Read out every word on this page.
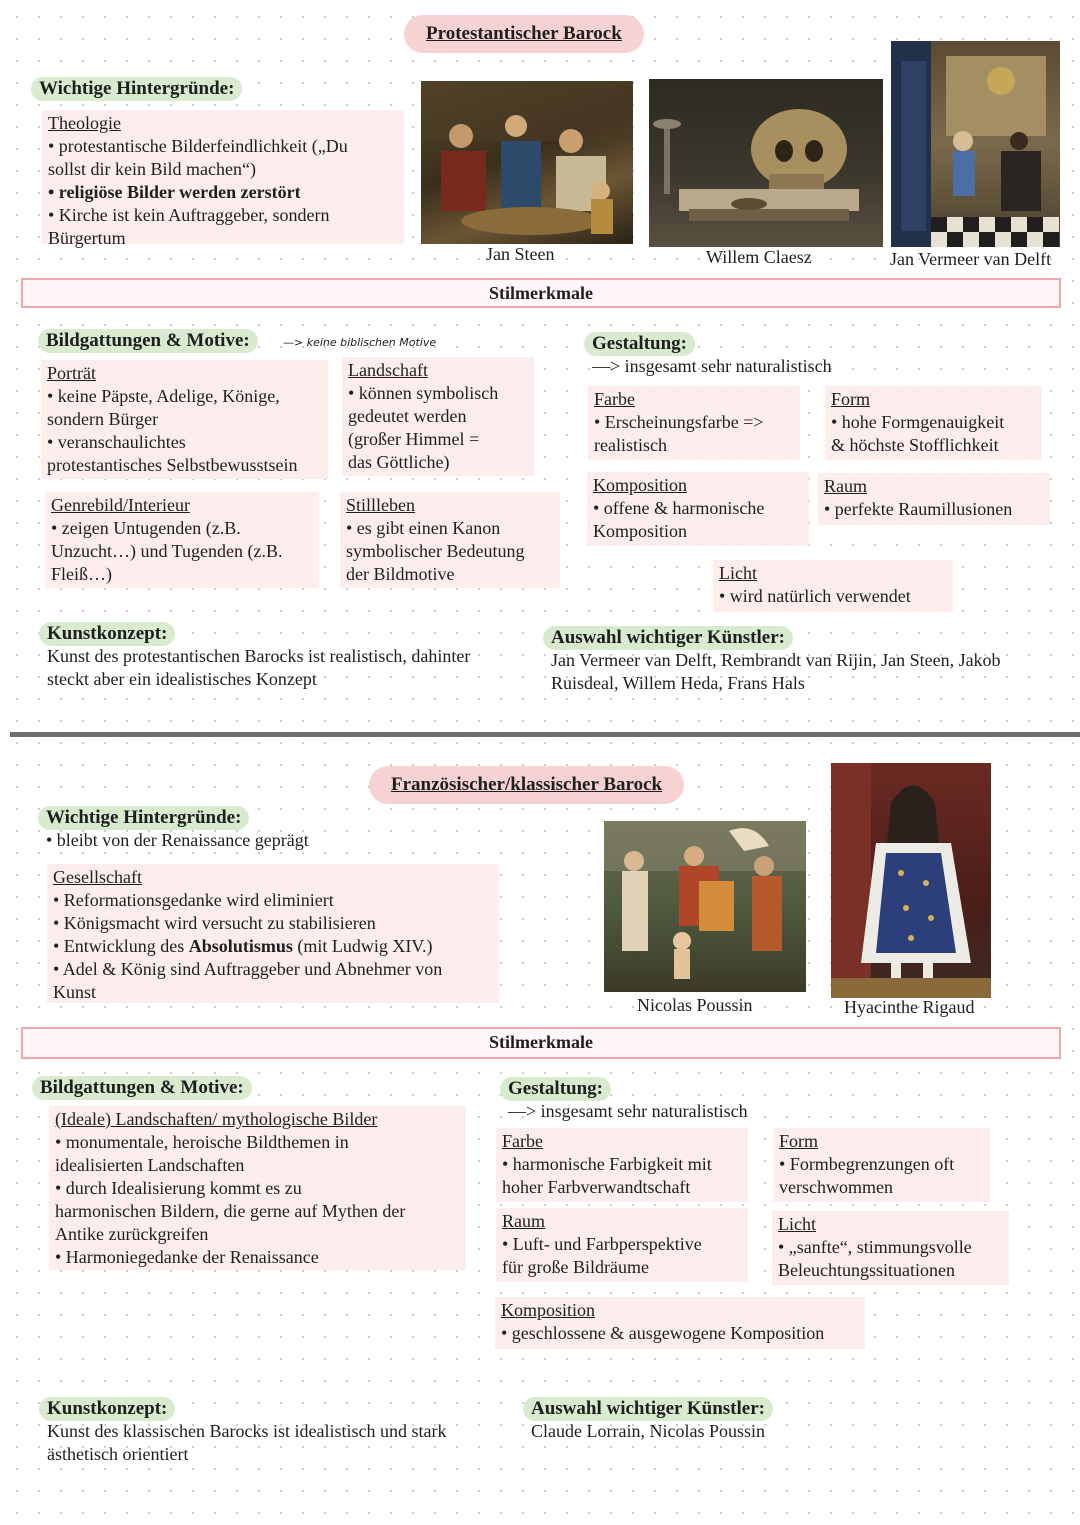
Protestantischer Barock
Wichtige Hintergründe:
Theologie
• protestantische Bilderfeindlichkeit („Du
sollst dir kein Bild machen“)
• religiöse Bilder werden zerstört
• Kirche ist kein Auftraggeber, sondern
Bürgertum
Jan Steen	Willem Claesz	Jan Vermeer van Delft
Stilmerkmale
Bildgattungen & Motive:	—> keine biblischen Motive
Porträt
• keine Päpste, Adelige, Könige,
sondern Bürger
• veranschaulichtes
protestantisches Selbstbewusstsein
Landschaft
• können symbolisch
gedeutet werden
(großer Himmel =
das Göttliche)
Genrebild/Interieur
• zeigen Untugenden (z.B.
Unzucht…) und Tugenden (z.B.
Fleiß…)
Stillleben
• es gibt einen Kanon
symbolischer Bedeutung
der Bildmotive
Gestaltung:
—> insgesamt sehr naturalistisch
Farbe
• Erscheinungsfarbe =>
realistisch
Form
• hohe Formgenauigkeit
& höchste Stofflichkeit
Komposition
• offene & harmonische
Komposition
Raum
• perfekte Raumillusionen
Licht
• wird natürlich verwendet
Kunstkonzept:
Kunst des protestantischen Barocks ist realistisch, dahinter
steckt aber ein idealistisches Konzept
Auswahl wichtiger Künstler:
Jan Vermeer van Delft, Rembrandt van Rijin, Jan Steen, Jakob
Ruisdeal, Willem Heda, Frans Hals
Französischer/klassischer Barock
Wichtige Hintergründe:
• bleibt von der Renaissance geprägt
Gesellschaft
• Reformationsgedanke wird eliminiert
• Königsmacht wird versucht zu stabilisieren
• Entwicklung des Absolutismus (mit Ludwig XIV.)
• Adel & König sind Auftraggeber und Abnehmer von
Kunst
Nicolas Poussin	Hyacinthe Rigaud
Stilmerkmale
Bildgattungen & Motive:
(Ideale) Landschaften/ mythologische Bilder
• monumentale, heroische Bildthemen in
idealisierten Landschaften
• durch Idealisierung kommt es zu
harmonischen Bildern, die gerne auf Mythen der
Antike zurückgreifen
• Harmoniegedanke der Renaissance
Gestaltung:
—> insgesamt sehr naturalistisch
Farbe
• harmonische Farbigkeit mit
hoher Farbverwandtschaft
Form
• Formbegrenzungen oft
verschwommen
Raum
• Luft- und Farbperspektive
für große Bildräume
Licht
• „sanfte“, stimmungsvolle
Beleuchtungssituationen
Komposition
• geschlossene & ausgewogene Komposition
Kunstkonzept:
Kunst des klassischen Barocks ist idealistisch und stark
ästhetisch orientiert
Auswahl wichtiger Künstler:
Claude Lorrain, Nicolas Poussin
